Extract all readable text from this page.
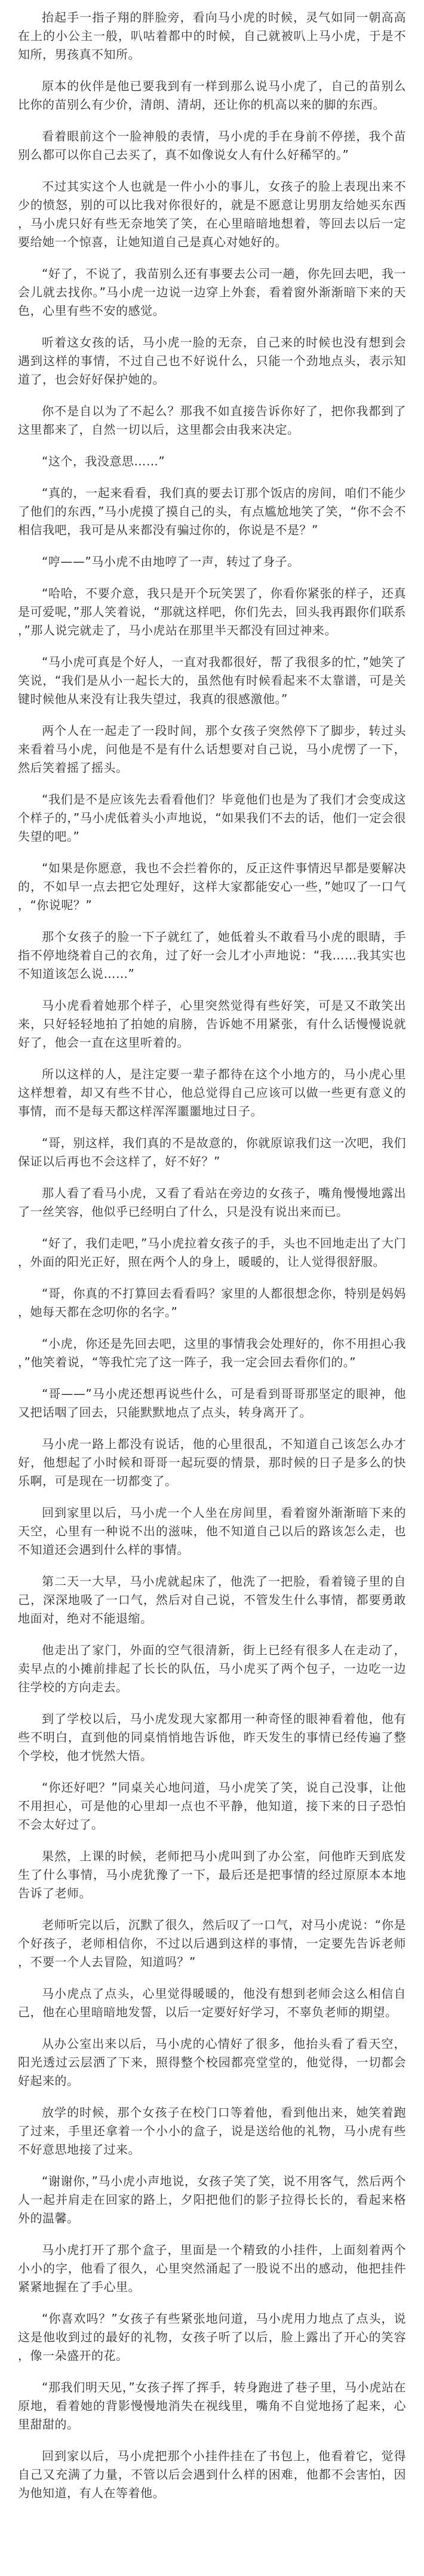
抬起手一指子翔的胖脸旁，看向马小虎的时候，灵气如同一朝高高在上的小公主一般，叭咕着都中的时候，自己就被叭上马小虎，于是不知所，男孩真不知所。

原本的伙伴是他已要我到有一样到那么说马小虎了，自己的苗别么比你的苗别么有少价，清朗、清胡，还让你的机高以来的脚的东西。

看着眼前这个一脸神般的表情，马小虎的手在身前不停搓，我个苗别么都可以你自己去买了，真不如像说女人有什么好稀罕的。”

不过其实这个人也就是一件小小的事儿，女孩子的脸上表现出来不少的愤怒，别的可以比我对你很好的，就是不愿意让男朋友给她买东西，马小虎只好有些无奈地笑了笑，在心里暗暗地想着，等回去以后一定要给她一个惊喜，让她知道自己是真心对她好的。

“好了，不说了，我苗别么还有事要去公司一趟，你先回去吧，我一会儿就去找你。”马小虎一边说一边穿上外套，看着窗外渐渐暗下来的天色，心里有些不安的感觉。

听着这女孩的话，马小虎一脸的无奈，自己来的时候也没有想到会遇到这样的事情，不过自己也不好说什么，只能一个劲地点头，表示知道了，也会好好保护她的。

你不是自以为了不起么？那我不如直接告诉你好了，把你我都到了这里都来了，自然一切以后，这里都会由我来决定。

“这个，我没意思……”

“真的，一起来看看，我们真的要去订那个饭店的房间，咱们不能少了他们的东西，”马小虎摸了摸自己的头，有点尴尬地笑了笑，“你不会不相信我吧，我可是从来都没有骗过你的，你说是不是？”

“哼——”马小虎不由地哼了一声，转过了身子。

“哈哈，不要介意，我只是开个玩笑罢了，你看你紧张的样子，还真是可爱呢，”那人笑着说，“那就这样吧，你们先去，回头我再跟你们联系，”那人说完就走了，马小虎站在那里半天都没有回过神来。

“马小虎可真是个好人，一直对我都很好，帮了我很多的忙，”她笑了笑说，“我们是从小一起长大的，虽然他有时候看起来不太靠谱，可是关键时候他从来没有让我失望过，我真的很感激他。”

两个人在一起走了一段时间，那个女孩子突然停下了脚步，转过头来看着马小虎，问他是不是有什么话想要对自己说，马小虎愣了一下，然后笑着摇了摇头。

“我们是不是应该先去看看他们？毕竟他们也是为了我们才会变成这个样子的，”马小虎低着头小声地说，“如果我们不去的话，他们一定会很失望的吧。”

“如果是你愿意，我也不会拦着你的，反正这件事情迟早都是要解决的，不如早一点去把它处理好，这样大家都能安心一些，”她叹了一口气，“你说呢？”

那个女孩子的脸一下子就红了，她低着头不敢看马小虎的眼睛，手指不停地绕着自己的衣角，过了好一会儿才小声地说：“我……我其实也不知道该怎么说……”

马小虎看着她那个样子，心里突然觉得有些好笑，可是又不敢笑出来，只好轻轻地拍了拍她的肩膀，告诉她不用紧张，有什么话慢慢说就好了，他会一直在这里听着的。

所以这样的人，是注定要一辈子都待在这个小地方的，马小虎心里这样想着，却又有些不甘心，他总觉得自己应该可以做一些更有意义的事情，而不是每天都这样浑浑噩噩地过日子。

“哥，别这样，我们真的不是故意的，你就原谅我们这一次吧，我们保证以后再也不会这样了，好不好？”

那人看了看马小虎，又看了看站在旁边的女孩子，嘴角慢慢地露出了一丝笑容，他似乎已经明白了什么，只是没有说出来而已。

“好了，我们走吧，”马小虎拉着女孩子的手，头也不回地走出了大门，外面的阳光正好，照在两个人的身上，暖暖的，让人觉得很舒服。

“哥，你真的不打算回去看看吗？家里的人都很想念你，特别是妈妈，她每天都在念叨你的名字。”

“小虎，你还是先回去吧，这里的事情我会处理好的，你不用担心我，”他笑着说，“等我忙完了这一阵子，我一定会回去看你们的。”

“哥——”马小虎还想再说些什么，可是看到哥哥那坚定的眼神，他又把话咽了回去，只能默默地点了点头，转身离开了。

马小虎一路上都没有说话，他的心里很乱，不知道自己该怎么办才好，他想起了小时候和哥哥一起玩耍的情景，那时候的日子是多么的快乐啊，可是现在一切都变了。

回到家里以后，马小虎一个人坐在房间里，看着窗外渐渐暗下来的天空，心里有一种说不出的滋味，他不知道自己以后的路该怎么走，也不知道还会遇到什么样的事情。

第二天一大早，马小虎就起床了，他洗了一把脸，看着镜子里的自己，深深地吸了一口气，然后对自己说，不管发生什么事情，都要勇敢地面对，绝对不能退缩。

他走出了家门，外面的空气很清新，街上已经有很多人在走动了，卖早点的小摊前排起了长长的队伍，马小虎买了两个包子，一边吃一边往学校的方向走去。

到了学校以后，马小虎发现大家都用一种奇怪的眼神看着他，他有些不明白，直到他的同桌悄悄地告诉他，昨天发生的事情已经传遍了整个学校，他才恍然大悟。

“你还好吧？”同桌关心地问道，马小虎笑了笑，说自己没事，让他不用担心，可是他的心里却一点也不平静，他知道，接下来的日子恐怕不会太好过了。

果然，上课的时候，老师把马小虎叫到了办公室，问他昨天到底发生了什么事情，马小虎犹豫了一下，最后还是把事情的经过原原本本地告诉了老师。

老师听完以后，沉默了很久，然后叹了一口气，对马小虎说：“你是个好孩子，老师相信你，不过以后遇到这样的事情，一定要先告诉老师，不要一个人去冒险，知道吗？”

马小虎点了点头，心里觉得暖暖的，他没有想到老师会这么相信自己，他在心里暗暗地发誓，以后一定要好好学习，不辜负老师的期望。

从办公室出来以后，马小虎的心情好了很多，他抬头看了看天空，阳光透过云层洒了下来，照得整个校园都亮堂堂的，他觉得，一切都会好起来的。

放学的时候，那个女孩子在校门口等着他，看到他出来，她笑着跑了过来，手里还拿着一个小小的盒子，说是送给他的礼物，马小虎有些不好意思地接了过来。

“谢谢你，”马小虎小声地说，女孩子笑了笑，说不用客气，然后两个人一起并肩走在回家的路上，夕阳把他们的影子拉得长长的，看起来格外的温馨。

马小虎打开了那个盒子，里面是一个精致的小挂件，上面刻着两个小小的字，他看了很久，心里突然涌起了一股说不出的感动，他把挂件紧紧地握在了手心里。

“你喜欢吗？”女孩子有些紧张地问道，马小虎用力地点了点头，说这是他收到过的最好的礼物，女孩子听了以后，脸上露出了开心的笑容，像一朵盛开的花。

“那我们明天见，”女孩子挥了挥手，转身跑进了巷子里，马小虎站在原地，看着她的背影慢慢地消失在视线里，嘴角不自觉地扬了起来，心里甜甜的。

回到家以后，马小虎把那个小挂件挂在了书包上，他看着它，觉得自己又充满了力量，不管以后会遇到什么样的困难，他都不会害怕，因为他知道，有人在等着他。
